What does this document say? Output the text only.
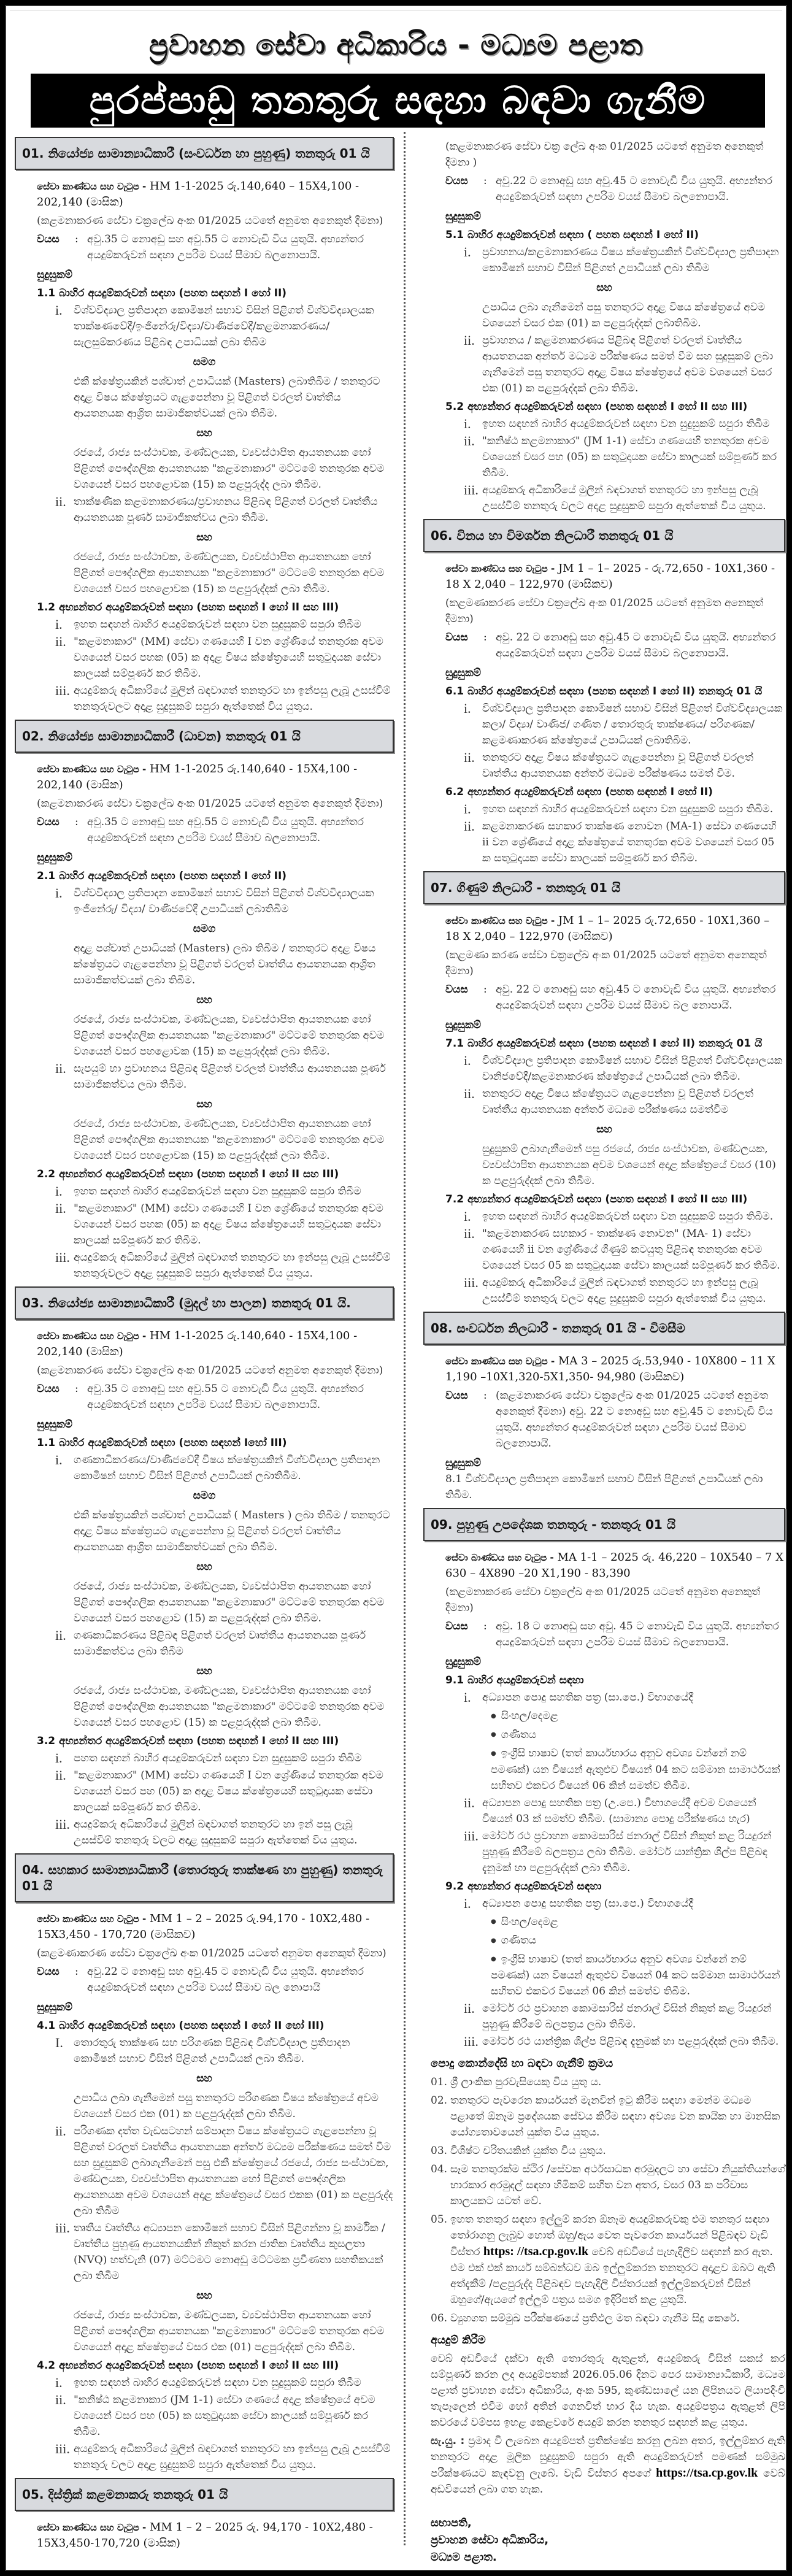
ප්‍රවාහන සේවා අධිකාරිය - මධ්‍යම පළාත
පුරප්පාඩු තනතුරු සඳහා බඳවා ගැනීම
01. නියෝජ්‍ය සාමාන්‍යාධිකාරී (සංවර්ධන හා පුහුණු) තනතුරු 01 යි
සේවා කාණ්ඩය සහ වැටුප - HM 1-1-2025 රු.140,640 – 15X4,100 - 202,140 (මාසික)
(කළමනාකරණ සේවා චක්‍රලේඛ අංක 01/2025 යටතේ අනුමත අනෙකුත් දීමනා)
වයස	: අවු.35 ට නොඅඩු සහ අවු.55 ට නොවැඩි විය යුතුයි. අභ්‍යන්තර අයදුම්කරුවන් සඳහා උපරිම වයස් සීමාව බලනොපායි.
සුදුසුකම්
1.1 බාහිර අයදුම්කරුවන් සඳහා (පහත සඳහන් I හෝ II)
i.	විශ්වවිද්‍යාල ප්‍රතිපාදන කොමිෂන් සභාව විසින් පිළිගත් විශ්වවිද්‍යාලයක තාක්ෂණවේදී/ඉංජිනේරු/විද්‍යා/වාණිජවේදී/කළමනාකරණය/සැලසුම්කරණය පිළිබඳ උපාධියක් ලබා තිබීම
සමග
එකී ක්ෂේත්‍රයකින් පශ්චාත් උපාධියක් (Masters) ලබාතිබීම / තනතුරට අදාළ විෂය ක්ෂේත්‍රයට ගැළපෙන්නා වූ පිළිගත් වරලත් වෘත්තීය ආයතනයක ආශ්‍රිත සාමාජිකත්වයක් ලබා තිබීම.
සහ
රජයේ, රාජ්‍ය සංස්ථාවක, මණ්ඩලයක, ව්‍යවස්ථාපිත ආයතනයක හෝ පිළිගත් පෞද්ගලික ආයතනයක "කළමනාකාර" මට්ටමේ තනතුරක අවම වශයෙන් වසර පහළොවක (15) ක පළපුරුද්ද ලබා තිබීම.
ii. තාක්ෂණික කළමනාකරණය/ප්‍රවාහනය පිළිබඳ පිළිගත් වරලත් වෘත්තීය ආයතනයක පූර්ණ සාමාජිකත්වය ලබා තිබීම.
සහ
රජයේ, රාජ්‍ය සංස්ථාවක, මණ්ඩලයක, ව්‍යවස්ථාපිත ආයතනයක හෝ පිළිගත් පෞද්ගලික ආයතනයක "කළමනාකාර" මට්ටමේ තනතුරක අවම වශයෙන් වසර පහළොවක (15) ක පළපුරුද්දක් ලබා තිබීම.
1.2 අභ්‍යන්තර අයදුම්කරුවන් සඳහා (පහත සඳහන් I හෝ II සහ III)
i.	ඉහත සඳහන් බාහිර අයදුම්කරුවන් සඳහා වන සුදුසුකම් සපුරා තිබීම
ii. "කළමනාකාර" (MM) සේවා ගණයෙහි I වන ශ්‍රේණියේ තනතුරක අවම වශයෙන් වසර පහක (05) ක අදාළ විෂය ක්ෂේත්‍රයෙහි සතුටුදායක සේවා කාලයක් සම්පූර්ණ කර තිබීම.
iii. අයදුම්කරු අධිකාරියේ මුලින් බඳවාගත් තනතුරට හා ඉන්පසු ලැබූ උසස්වීම් තනතුරුවලට අදාළ සුදුසුකම් සපුරා ඇත්තෙක් විය යුතුය.
02. නියෝජ්‍ය සාමාන්‍යාධිකාරී (ධාවන) තනතුරු 01 යි
සේවා කාණ්ඩය සහ වැටුප - HM 1-1-2025 රු.140,640 - 15X4,100 - 202,140 (මාසික)
(කළමනාකරණ සේවා චක්‍රලේඛ අංක 01/2025 යටතේ අනුමත අනෙකුත් දීමනා)
වයස	: අවු.35 ට නොඅඩු සහ අවු.55 ට නොවැඩි විය යුතුයි. අභ්‍යන්තර අයදුම්කරුවන් සඳහා උපරිම වයස් සීමාව බලනොපායි.
සුදුසුකම්
2.1 බාහිර අයදුම්කරුවන් සඳහා (පහත සඳහන් I හෝ II)
i.	විශ්වවිද්‍යාල ප්‍රතිපාදන කොමිෂන් සභාව විසින් පිළිගත් විශ්වවිද්‍යාලයක ඉංජිනේරු/ විද්‍යා/ වාණිජවේදී උපාධියක් ලබාතිබීම
සමග
අදාළ පශ්චාත් උපාධියක් (Masters) ලබා තිබීම / තනතුරට අදාළ විෂය ක්ෂේත්‍රයට ගැළපෙන්නා වූ පිළිගත් වරලත් වෘත්තීය ආයතනයක ආශ්‍රිත සාමාජිකත්වයක් ලබා තිබීම.
සහ
රජයේ, රාජ්‍ය සංස්ථාවක, මණ්ඩලයක, ව්‍යවස්ථාපිත ආයතනයක හෝ පිළිගත් පෞද්ගලික ආයතනයක "කළමනාකාර" මට්ටමේ තනතුරක අවම වශයෙන් වසර පහළොවක (15) ක පළපුරුද්දක් ලබා තිබීම.
ii. සැපයුම් හා ප්‍රවාහනය පිළිබඳ පිළිගත් වරලත් වෘත්තීය ආයතනයක පූර්ණ සාමාජිකත්වය ලබා තිබීම.
සහ
රජයේ, රාජ්‍ය සංස්ථාවක, මණ්ඩලයක, ව්‍යවස්ථාපිත ආයතනයක හෝ පිළිගත් පෞද්ගලික ආයතනයක "කළමනාකාර" මට්ටමේ තනතුරක අවම වශයෙන් වසර පහළොවක (15) ක පළපුරුද්දක් ලබා තිබීම.
2.2 අභ්‍යන්තර අයදුම්කරුවන් සඳහා (පහත සඳහන් I හෝ II සහ III)
i.	ඉහත සඳහන් බාහිර අයදුම්කරුවන් සඳහා වන සුදුසුකම් සපුරා තිබීම
ii. "කළමනාකාර" (MM) සේවා ගණයෙහි I වන ශ්‍රේණියේ තනතුරක අවම වශයෙන් වසර පහක (05) ක අදාළ විෂය ක්ෂේත්‍රයෙහි සතුටුදායක සේවා කාලයක් සම්පූර්ණ කර තිබීම.
iii. අයදුම්කරු අධිකාරියේ මුලින් බඳවාගත් තනතුරට හා ඉන්පසු ලැබූ උසස්වීම් තනතුරුවලට අදාළ සුදුසුකම් සපුරා ඇත්තෙක් විය යුතුය.
03. නියෝජ්‍ය සාමාන්‍යාධිකාරී (මුදල් හා පාලන) තනතුරු 01 යි.
සේවා කාණ්ඩය සහ වැටුප - HM 1-1-2025 රු.140,640 - 15X4,100 - 202,140 (මාසික)
(කළමනාකරණ සේවා චක්‍රලේඛ අංක 01/2025 යටතේ අනුමත අනෙකුත් දීමනා)
වයස	: අවු.35 ට නොඅඩු සහ අවු.55 ට නොවැඩි විය යුතුයි. අභ්‍යන්තර අයදුම්කරුවන් සඳහා උපරිම වයස් සීමාව බලනොපායි.
සුදුසුකම්
1.1 බාහිර අයදුම්කරුවන් සඳහා (පහත සඳහන් Iහෝ III)
i.	ගණකාධිකරණය/වාණිජවේදී විෂය ක්ෂේත්‍රයකින් විශ්වවිද්‍යාල ප්‍රතිපාදන කොමිෂන් සභාව විසින් පිළිගත් උපාධියක් ලබාතිබීම.
සමග
එකී ක්ෂේත්‍රයකින් පශ්චාත් උපාධියක් ( Masters ) ලබා තිබීම / තනතුරට අදාළ විෂය ක්ෂේත්‍රයට ගැළපෙන්නා වූ පිළිගත් වරලත් වෘත්තීය ආයතනයක ආශ්‍රිත සාමාජිකත්වයක් ලබා තිබීම.
සහ
රජයේ, රාජ්‍ය සංස්ථාවක, මණ්ඩලයක, ව්‍යවස්ථාපිත ආයතනයක හෝ පිළිගත් පෞද්ගලික ආයතනයක "කළමනාකාර" මට්ටමේ තනතුරක අවම වශයෙන් වසර පහළොව (15) ක පළපුරුද්දක් ලබා තිබීම.
ii. ගණකාධිකරණය පිළිබඳ පිළිගත් වරලත් වෘත්තීය ආයතනයක පූර්ණ සාමාජිකත්වය ලබා තිබීම
සහ
රජයේ, රාජ්‍ය සංස්ථාවක, මණ්ඩලයක, ව්‍යවස්ථාපිත ආයතනයක හෝ පිළිගත් පෞද්ගලික ආයතනයක "කළමනාකාර" මට්ටමේ තනතුරක අවම වශයෙන් වසර පහළොව (15) ක පළපුරුද්දක් ලබා තිබීම.
3.2 අභ්‍යන්තර අයදුම්කරුවන් සඳහා (පහත සඳහන් I හෝ II සහ III)
i.	පහත සඳහන් බාහිර අයදුම්කරුවන් සඳහා වන සුදුසුකම් සපුරා තිබීම
ii. "කළමනාකාර" (MM) සේවා ගණයෙහි I වන ශ්‍රේණියේ තනතුරක අවම වශයෙන් වසර පහ (05) ක අදාළ විෂය ක්ෂේත්‍රයෙහි සතුටුදායක සේවා කාලයක් සම්පූර්ණ කර තිබීම.
iii. අයදුම්කරු අධිකාරියේ මුලින් බඳවාගත් තනතුරට හා ඉන් පසු ලැබූ උසස්වීම් තනතුරු වලට අදාළ සුදුසුකම් සපුරා ඇත්තෙක් විය යුතුය.
04. සහකාර සාමාන්‍යාධිකාරී (තොරතුරු තාක්ෂණ හා පුහුණු) තනතුරු 01 යි
සේවා කාණ්ඩය සහ වැටුප - MM 1 – 2 – 2025 රු.94,170 - 10X2,480 - 15X3,450 - 170,720 (මාසිකව)
(කළමණාකරණ සේවා චක්‍රලේඛ අංක 01/2025 යටතේ අනුමත අනෙකුත් දීමනා)
වයස	: අවු.22 ට නොඅඩු සහ අවු.45 ට නොවැඩි විය යුතුයි. අභ්‍යන්තර අයදුම්කරුවන් සඳහා උපරිම වයස් සීමාව බල නොපායි
සුදුසුකම්
4.1 බාහිර අයදුම්කරුවන් සඳහා (පහත සඳහන් I හෝ II හෝ III)
I.	තොරතුරු තාක්ෂණ සහ පරිගණක පිළිබඳ විශ්වවිද්‍යාල ප්‍රතිපාදන කොමිෂන් සභාව විසින් පිළිගත් උපාධියක් ලබා තිබීම.
සහ
උපාධිය ලබා ගැනීමෙන් පසු තනතුරට පරිගණක විෂය ක්ෂේත්‍රයේ අවම වශයෙන් වසර එක (01) ක පළපුරුද්දක් ලබා තිබීම.
ii. පරිගණක දත්ත වැඩසටහන් සම්පාදන විෂය ක්ෂේත්‍රයට ගැළපෙන්නා වූ පිළිගත් වරලත් වෘත්තීය ආයතනයක අන්තර් මධ්‍යම පරීක්ෂණය සමත් වීම සහ සුදුසුකම් ලබාගැනීමෙන් පසු එකී ක්ෂේත්‍රයේ රජයේ, රාජ්‍ය සංස්ථාවක, මණ්ඩලයක, ව්‍යවස්ථාපිත ආයතනයක හෝ පිළිගත් පෞද්ගලික ආයතනයක අවම වශයෙන් අදාළ ක්ෂේත්‍රයේ වසර එකක (01) ක පළපුරුද්ද ලබා තිබීම
iii. තෘතීය වෘත්තීය අධ්‍යාපන කොමිෂන් සභාව විසින් පිළිගන්නා වූ කාර්මික / වෘත්තීය පුහුණු ආයතනයකින් නිකුත් කරන ජාතික වෘත්තීය කුසලතා (NVQ) හත්වැනි (07) මට්ටමට නොඅඩු මට්ටමක ප්‍රවීණතා සහතිකයක් ලබා තිබීම
සහ
රජයේ, රාජ්‍ය සංස්ථාවක, මණ්ඩලයක, ව්‍යවස්ථාපිත ආයතනයක හෝ පිළිගත් පෞද්ගලික ආයතනයක "කළමනාකාර" මට්ටමේ තනතුරක අවම වශයෙන් අදාළ ක්ෂේත්‍රයේ වසර එක (01) පළපුරුද්දක් ලබා තිබීම.
4.2 අභ්‍යන්තර අයදුම්කරුවන් සඳහා (පහත සඳහන් I හෝ II සහ III)
i.	ඉහත සඳහන් බාහිර අයදුම්කරුවන් සඳහා වන සුදුසුකම් සපුරා තිබීම
ii. "කනිෂ්ඨ කළමනාකාර (JM 1-1) සේවා ගණයේ අදාළ ක්ෂේත්‍රයේ අවම වශයෙන් වසර පහ (05) ක සතුටුදායක සේවා කාලයක් සම්පූර්ණ කර තිබීම.
iii. අයදුම්කරු අධිකාරියේ මුලින් බඳවාගත් තනතුරට හා ඉන්පසු ලැබූ උසස්වීම් තනතුරු වලට අදාළ සුදුසුකම් සපුරා ඇත්තෙක් විය යුතුය.
05. දිස්ත්‍රික් කළමනාකරු තනතුරු 01 යි
සේවා කාණ්ඩය සහ වැටුප - MM 1 – 2 – 2025 රු. 94,170 - 10X2,480 - 15X3,450-170,720 (මාසික)
(කළමනාකරණ සේවා චක්‍ර ලේඛ අංක 01/2025 යටතේ අනුමත අනෙකුත් දීමනා )
වයස	: අවු.22 ට නොඅඩු සහ අවු.45 ට නොවැඩි විය යුතුයි. අභ්‍යන්තර අයදුම්කරුවන් සඳහා උපරිම වයස් සීමාව බලනොපායි.
සුදුසුකම්
5.1 බාහිර අයදුම්කරුවන් සඳහා ( පහත සඳහන් I හෝ II)
i.	ප්‍රවාහනය/කළමනාකරණය විෂය ක්ෂේත්‍රයකින් විශ්වවිද්‍යාල ප්‍රතිපාදන කොමිෂන් සභාව විසින් පිළිගත් උපාධියක් ලබා තිබීම
සහ
උපාධිය ලබා ගැනීමෙන් පසු තනතුරට අදාළ විෂය ක්ෂේත්‍රයේ අවම වශයෙන් වසර එක (01) ක පළපුරුද්දක් ලබාතිබීම.
ii. ප්‍රවාහනය / කළමනාකරණය පිළිබඳ පිළිගත් වරලත් වෘත්තීය ආයතනයක අන්තර් මධ්‍යම පරීක්ෂණය සමත් වීම සහ සුදුසුකම් ලබා ගැනීමෙන් පසු තනතුරට අදාළ විෂය ක්ෂේත්‍රයේ අවම වශයෙන් වසර එක (01) ක පළපුරුද්දක් ලබා තිබීම.
5.2 අභ්‍යන්තර අයදුම්කරුවන් සඳහා (පහත සඳහන් I හෝ II සහ III)
i.	ඉහත සඳහන් බාහිර අයදුම්කරුවන් සඳහා වන සුදුසුකම් සපුරා තිබීම
ii. "කනිෂ්ඨ කළමනාකාර" (JM 1-1) සේවා ගණයෙහි තනතුරක අවම වශයෙන් වසර පහ (05) ක සතුටුදායක සේවා කාලයක් සම්පූර්ණ කර තිබීම.
iii. අයදුම්කරු අධිකාරියේ මුලින් බඳවාගත් තනතුරට හා ඉන්පසු ලැබූ උසස්වීම් තනතුරු වලට අදාළ සුදුසුකම් සපුරා ඇත්තෙක් විය යුතුය.
06. විනය හා විමර්ශන නිලධාරී තනතුරු 01 යි
සේවා කාණ්ඩය සහ වැටුප - JM 1 – 1– 2025 - රු.72,650 - 10X1,360 - 18 X 2,040 – 122,970 (මාසිකව)
(කළමණාකරණ සේවා චක්‍රලේඛ අංක 01/2025 යටතේ අනුමත අනෙකුත් දීමනා)
වයස	: අවු. 22 ට නොඅඩු සහ අවු.45 ට නොවැඩි විය යුතුයි. අභ්‍යන්තර අයදුම්කරුවන් සඳහා උපරිම වයස් සීමාව බලනොපායි.
සුදුසුකම්
6.1 බාහිර අයදුම්කරුවන් සඳහා (පහත සඳහන් I හෝ II) තනතුරු 01 යි
i.	විශ්වවිද්‍යාල ප්‍රතිපාදන කොමිෂන් සභාව විසින් පිළිගත් විශ්වවිද්‍යාලයක කලා/ විද්‍යා/ වාණිජ/ ගණිත / තොරතුරු තාක්ෂණය/ පරිගණක/ කළමණාකරණ ක්ෂේත්‍රයේ උපාධියක් ලබාතිබීම.
ii. තනතුරට අදාළ විෂය ක්ෂේත්‍රයට ගැළපෙන්නා වූ පිළිගත් වරලත් වෘත්තීය ආයතනයක අන්තර් මධ්‍යම පරීක්ෂණය සමත් වීම.
6.2 අභ්‍යන්තර අයදුම්කරුවන් සඳහා (පහත සඳහන් I හෝ II)
i.	ඉහත සඳහන් බාහිර අයදුම්කරුවන් සඳහා වන සුදුසුකම් සපුරා තිබීම.
ii. කළමනාකරණ සහකාර තාක්ෂණ නොවන (MA-1) සේවා ගණයෙහි ii වන ශ්‍රේණියේ අදාළ ක්ෂේත්‍රයේ තනතුරක අවම වශයෙන් වසර 05 ක සතුටුදායක සේවා කාලයක් සම්පූර්ණ කර තිබීම.
07. ගිණුම් නිලධාරී - තනතුරු 01 යි
සේවා කාණ්ඩය සහ වැටුප - JM 1 – 1– 2025 රු.72,650 - 10X1,360 – 18 X 2,040 – 122,970 (මාසිකව)
(කළමණා කරණ සේවා චක්‍රලේඛ අංක 01/2025 යටතේ අනුමත අනෙකුත් දීමනා)
වයස	: අවු. 22 ට නොඅඩු සහ අවු.45 ට නොවැඩි විය යුතුයි. අභ්‍යන්තර අයදුම්කරුවන් සඳහා උපරිම වයස් සීමාව බල නොපායි.
සුදුසුකම්
7.1 බාහිර අයදුම්කරුවන් සඳහා (පහත සඳහන් I හෝ II) තනතුරු 01 යි
i.	විශ්වවිද්‍යාල ප්‍රතිපාදන කොමිෂන් සභාව විසින් පිළිගත් විශ්වවිද්‍යාලයක වානිජවේදී/කළමනාකරණ ක්ෂේත්‍රයේ උපාධියක් ලබා තිබීම.
ii. තනතුරට අදාළ විෂය ක්ෂේත්‍රයට ගැළපෙන්නා වූ පිළිගත් වරලත් වෘත්තීය ආයතනයක අන්තර් මධ්‍යම පරීක්ෂණය සමත්වීම
සහ
සුදුසුකම් ලබාගැනීමෙන් පසු රජයේ, රාජ්‍ය සංස්ථාවක, මණ්ඩලයක, ව්‍යවස්ථාපිත ආයතනයක අවම වශයෙන් අදාළ ක්ෂේත්‍රයේ වසර (10) ක පළපුරුද්දක් ලබා තිබීම.
7.2 අභ්‍යන්තර අයදුම්කරුවන් සඳහා (පහත සඳහන් I හෝ II සහ III)
i.	ඉහත සඳහන් බාහිර අයදුම්කරුවන් සඳහා වන සුදුසුකම් සපුරා තිබීම.
ii. "කළමනාකරණ සහකාර - තාක්ෂණ නොවන" (MA- 1) සේවා ගණයෙහි ii වන ශ්‍රේණියේ ගිණුම් කටයුතු පිළිබඳ තනතුරක අවම වශයෙන් වසර 05 ක සතුටුදායක සේවා කාලයක් සම්පූර්ණ කර තිබීම.
iii. අයදුම්කරු අධිකාරියේ මුලින් බඳවාගත් තනතුරට හා ඉන්පසු ලැබූ උසස්වීම් තනතුරු වලට අදාළ සුදුසුකම් සපුරා ඇත්තෙක් විය යුතුය.
08. සංවර්ධන නිලධාරී - තනතුරු 01 යි - විමසීම
සේවා කාණ්ඩය සහ වැටුප - MA 3 – 2025 රු.53,940 - 10X800 – 11 X 1,190 –10X1,320-5X1,350- 94,980 (මාසිකව)
වයස	: (කළමනාකරණ සේවා චක්‍රලේඛ අංක 01/2025 යටතේ අනුමත අනෙකුත් දීමනා) අවු. 22 ට නොඅඩු සහ අවු.45 ට නොවැඩි විය යුතුයි. අභ්‍යන්තර අයදුම්කරුවන් සඳහා උපරිම වයස් සීමාව බලනොපායි.
සුදුසුකම්
8.1 විශ්වවිද්‍යාල ප්‍රතිපාදන කොමිෂන් සභාව විසින් පිළිගත් උපාධියක් ලබා තිබීම.
09. පුහුණු උපදේශක තනතුරු - තනතුරු 01 යි
සේවා බාණ්ඩය සහ වැටුප - MA 1-1 – 2025 රු. 46,220 – 10X540 – 7 X 630 – 4X890 –20 X1,190 - 83,390
(කළමනාකරණ සේවා චක්‍රලේඛ අංක 01/2025 යටතේ අනුමත අනෙකුත් දීමනා)
වයස	: අවු. 18 ට නොඅඩු සහ අවු. 45 ට නොවැඩි විය යුතුයි. අභ්‍යන්තර අයදුම්කරුවන් සඳහා උපරිම වයස් සීමාව බලනොපායි.
සුදුසුකම්
9.1 බාහිර අයදුම්කරුවන් සඳහා
i.	අධ්‍යාපන පොදු සහතික පත්‍ර (සා.පෙ.) විභාගයේදී
● සිංහල/දෙමළ
● ගණිතය
● ඉංග්‍රීසි භාෂාව (තත් කාර්යභාරය අනුව අවශ්‍ය වන්නේ නම් පමණක්) යන විෂයන් ඇතුළුව විෂයන් 04 කට සම්මාන සාමාර්ථයක් සහිතව එකවර විෂයන් 06 කින් සමත්ව තිබීම.
ii. අධ්‍යාපන පොදු සහතික පත්‍ර (උ.පෙ.) විභාගයේදී අවම වශයෙන් විෂයන් 03 ක් සමත්ව තිබීම. (සාමාන්‍ය පොදු පරීක්ෂණය හැර)
iii. මෝටර් රථ ප්‍රවාහන කොමසාරිස් ජනරාල් විසින් නිකුත් කළ රියදුරන් පුහුණු කිරීමේ බලපත්‍රය ලබා තිබීම. මෝටර් යාන්ත්‍රික ශිල්ප පිළිබඳ දැනුමක් හා පළපුරුද්දක් ලබා තිබීම.
9.2 අභ්‍යන්තර අයදුම්කරුවන් සඳහා
i.	අධ්‍යාපන පොදු සහතික පත්‍ර (සා.පෙ.) විභාගයේදී
● සිංහල/දෙමළ
● ගණිතය
● ඉංග්‍රීසි භාෂාව (තත් කාර්යභාරය අනුව අවශ්‍ය වන්නේ නම් පමණක්) යන විෂයන් ඇතුළුව විෂයන් 04 කට සම්මාන සාමාර්ථයන් සහිතව එකවර විෂයන් 06 කින් සමත්ව තිබීම.
ii. මෝටර් රථ ප්‍රවාහන කොමසාරිස් ජනරාල් විසින් නිකුත් කළ රියදුරන් පුහුණු කිරීමේ බලපත්‍රය ලබා තිබීම.
iii. මෝටර් රථ යාන්ත්‍රික ශිල්ප පිළිබඳ දැනුමක් හා පළපුරුද්දක් ලබා තිබීම.
පොදු කොන්දේසි හා බඳවා ගැනීම් ක්‍රමය
01. ශ්‍රී ලාංකික පුරවැසියෙකු විය යුතු ය.
02. තනතුරට පැවරෙන කාර්යයන් මැනවින් ඉටු කිරීම සඳහා මෙන්ම මධ්‍යම පළාතේ ඕනෑම ප්‍රදේශයක සේවය කිරීම සඳහා අවශ්‍ය වන කායික හා මානසික යෝග්‍යතාවයෙන් යුක්ත විය යුතුය.
03. විශිෂ්ට චරිතයකින් යුක්ත විය යුතුය.
04. සෑම තනතුරක්ම ස්ථිර /සේවක අර්ථසාධක අරමුදලට හා සේවා නියුක්තියන්ගේ භාරකාර අරමුදල් සඳහා හිමිකම් සහිත වන අතර, වසර 03 ක පරිවාස කාලයකට යටත් වේ.
05. ඉහත තනතුර සඳහා ඉල්ලුම් කරන ඕනෑම අයදුම්කරුවකු එම තනතුර සඳහා තෝරාගනු ලැබුව හොත් ඔහු/ඇය වෙත පැවරෙන කාර්යයන් පිළිබඳව වැඩි විස්තර https: //tsa.cp.gov.lk වෙබ් අඩවියේ පැහැදිලිව සඳහන් කර ඇත. එම එක් එක් කාර්ය සම්බන්ධව ඔබ ඉල්ලුම්කරන තනතුරට අදාළව ඔබට ඇති අත්දැකීම් /පළපුරුද්ද පිළිබඳව පැහැදිලි විස්තරයක් ඉල්ලුම්කරුවන් විසින් ඔහුගේ/ඇයගේ ඉල්ලුම් පත්‍රය සමග ඉදිරිපත් කළ යුතුයි.
06. ව්‍යුහගත සම්මුඛ පරීක්ෂණයේ ප්‍රතිඵල මත බඳවා ගැනීම සිදු කෙරේ.
අයදුම් කිරීම
වෙබ් අඩවියේ දක්වා ඇති තොරතුරු ඇතුළත්, අයදුම්කරු විසින් සකස් කර සම්පූර්ණ කරන ලද අයදුම්පතක් 2026.05.06 දිනට පෙර සාමාන්‍යාධිකාරී, මධ්‍යම පළාත් ප්‍රවාහන සේවා අධිකාරිය, අංක 595, කුණ්ඩසාලේ යන ලිපිනයට ලියාපදිංචි තැපෑලෙන් එවීම හෝ අතින් ගෙනවිත් භාර දිය හැක. අයදුම්පත්‍රය ඇතුළත් ලිපි කවරයේ වම්පස ඉහළ කෙළවරේ අයදුම් කරන තනතුර සඳහන් කළ යුතුය.
සැ.යු. : ප්‍රමාද වී ලැබෙන අයදුම්පත් ප්‍රතික්ෂේප කරනු ලබන අතර, ඉල්ලුම්කර ඇති තනතුරට අදාළ මූලික සුදුසුකම් සපුරා ඇති අයදුම්කරුවන් පමණක් සම්මුඛ පරීක්ෂණයට කැඳවනු ලැබේ. වැඩි විස්තර අපගේ https://tsa.cp.gov.lk වෙබ් අඩවියෙන් ලබා ගත හැක.
සභාපති,
ප්‍රවාහන සේවා අධිකාරිය,
මධ්‍යම පළාත.
